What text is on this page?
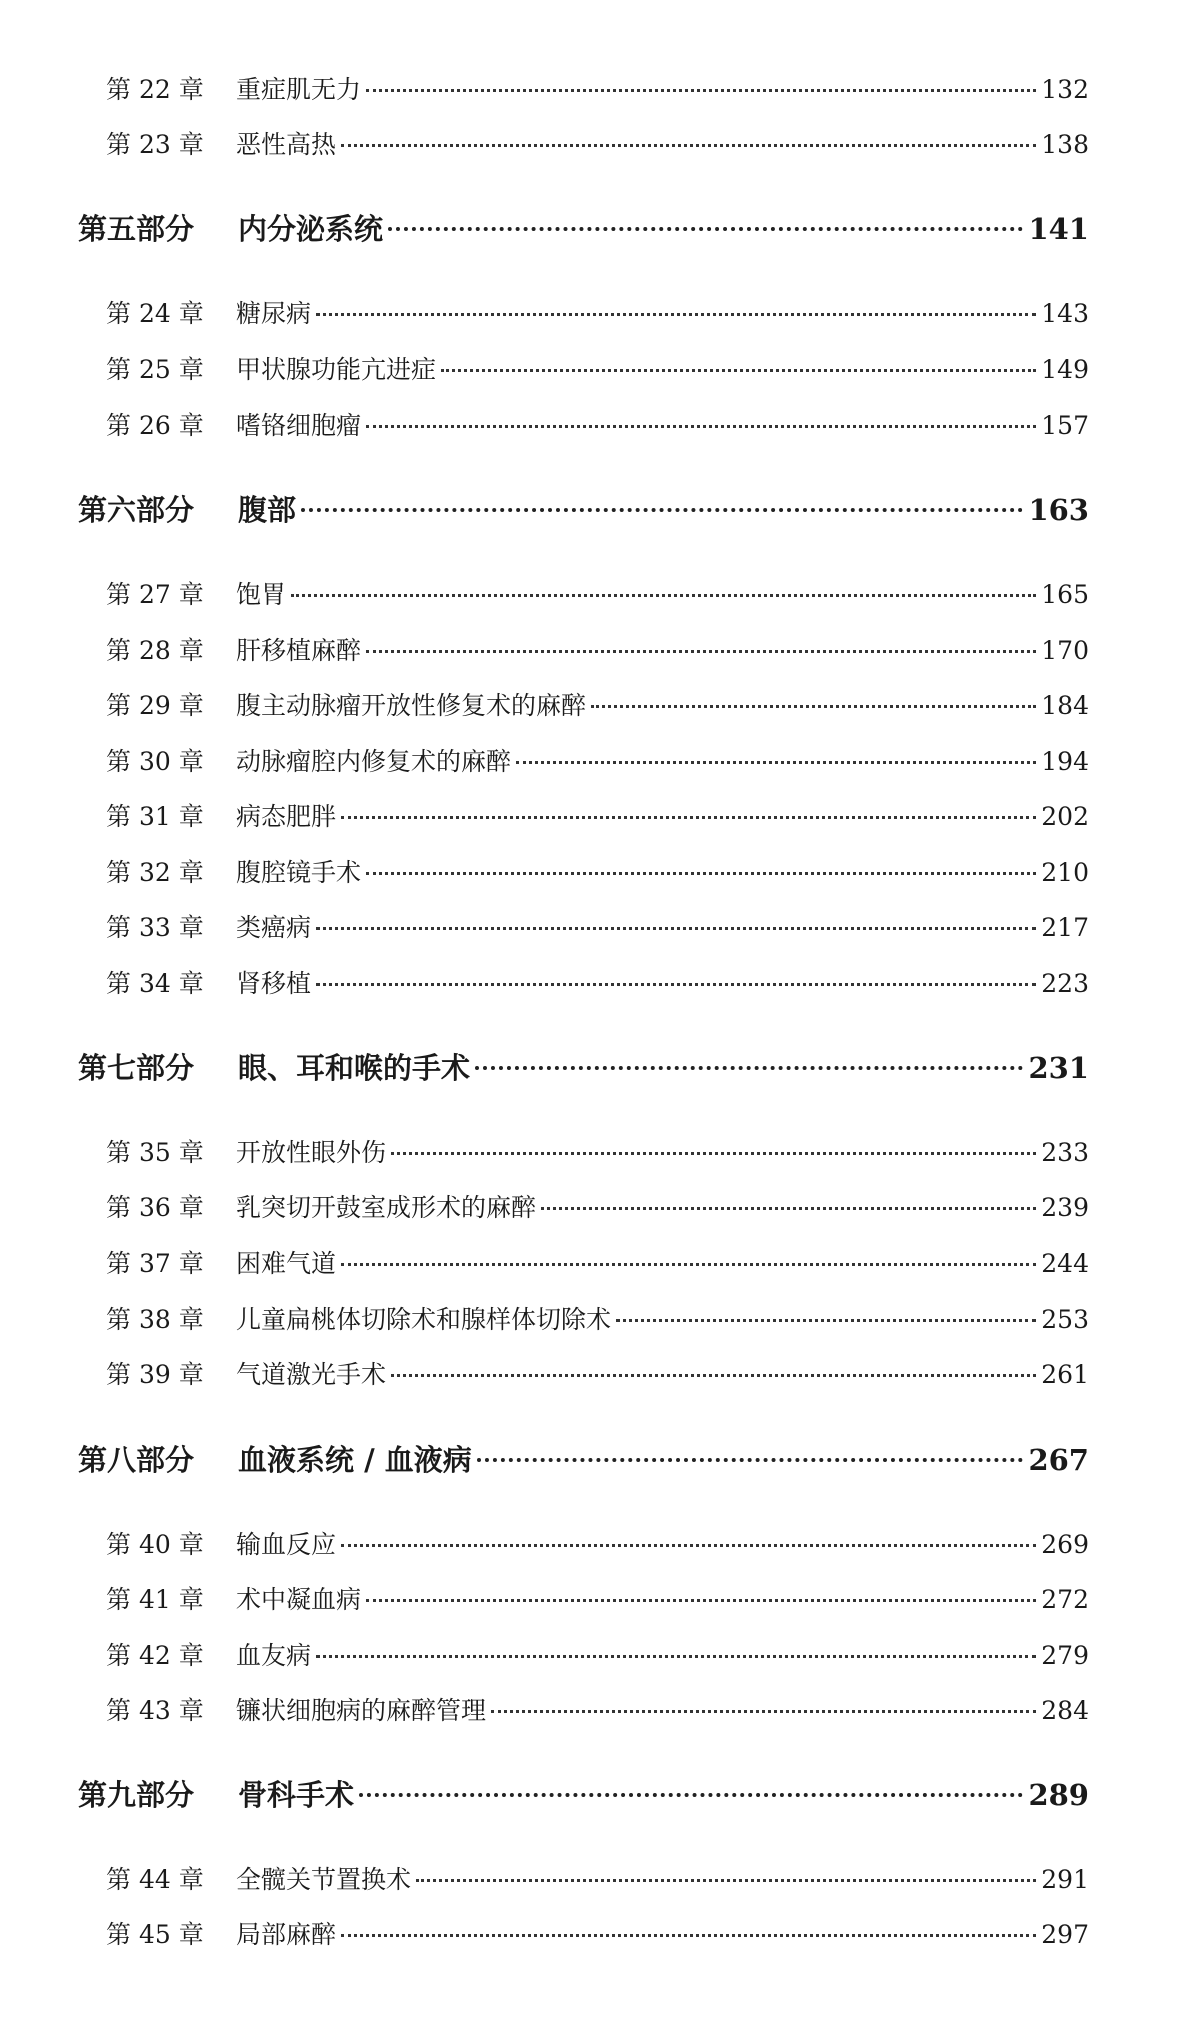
第 22 章	重症肌无力	132
第 23 章	恶性高热	138
第五部分	内分泌系统	141
第 24 章	糖尿病	143
第 25 章	甲状腺功能亢进症	149
第 26 章	嗜铬细胞瘤	157
第六部分	腹部	163
第 27 章	饱胃	165
第 28 章	肝移植麻醉	170
第 29 章	腹主动脉瘤开放性修复术的麻醉	184
第 30 章	动脉瘤腔内修复术的麻醉	194
第 31 章	病态肥胖	202
第 32 章	腹腔镜手术	210
第 33 章	类癌病	217
第 34 章	肾移植	223
第七部分	眼、耳和喉的手术	231
第 35 章	开放性眼外伤	233
第 36 章	乳突切开鼓室成形术的麻醉	239
第 37 章	困难气道	244
第 38 章	儿童扁桃体切除术和腺样体切除术	253
第 39 章	气道激光手术	261
第八部分	血液系统 / 血液病	267
第 40 章	输血反应	269
第 41 章	术中凝血病	272
第 42 章	血友病	279
第 43 章	镰状细胞病的麻醉管理	284
第九部分	骨科手术	289
第 44 章	全髋关节置换术	291
第 45 章	局部麻醉	297
